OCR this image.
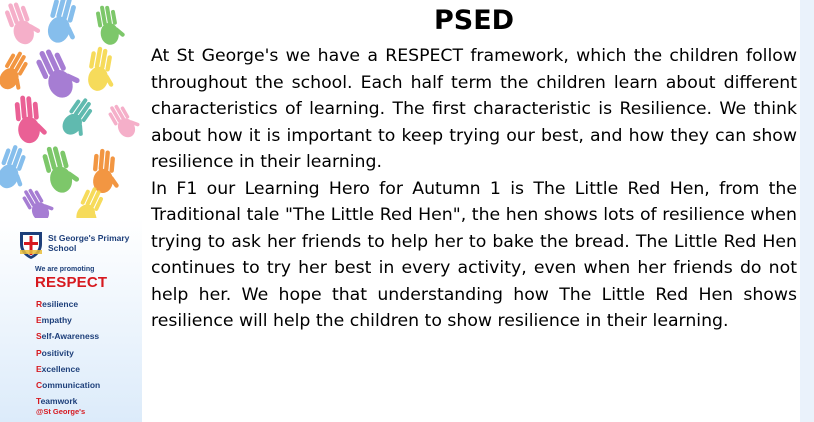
St George's Primary School
We are promoting
RESPECT
Resilience
Empathy
Self-Awareness
Positivity
Excellence
Communication
Teamwork
@St George's
PSED

At St George's we have a RESPECT framework, which the children follow throughout the school. Each half term the children learn about different characteristics of learning. The first characteristic is Resilience. We think about how it is important to keep trying our best, and how they can show resilience in their learning.

In F1 our Learning Hero for Autumn 1 is The Little Red Hen, from the Traditional tale "The Little Red Hen", the hen shows lots of resilience when trying to ask her friends to help her to bake the bread. The Little Red Hen continues to try her best in every activity, even when her friends do not help her. We hope that understanding how The Little Red Hen shows resilience will help the children to show resilience in their learning.
